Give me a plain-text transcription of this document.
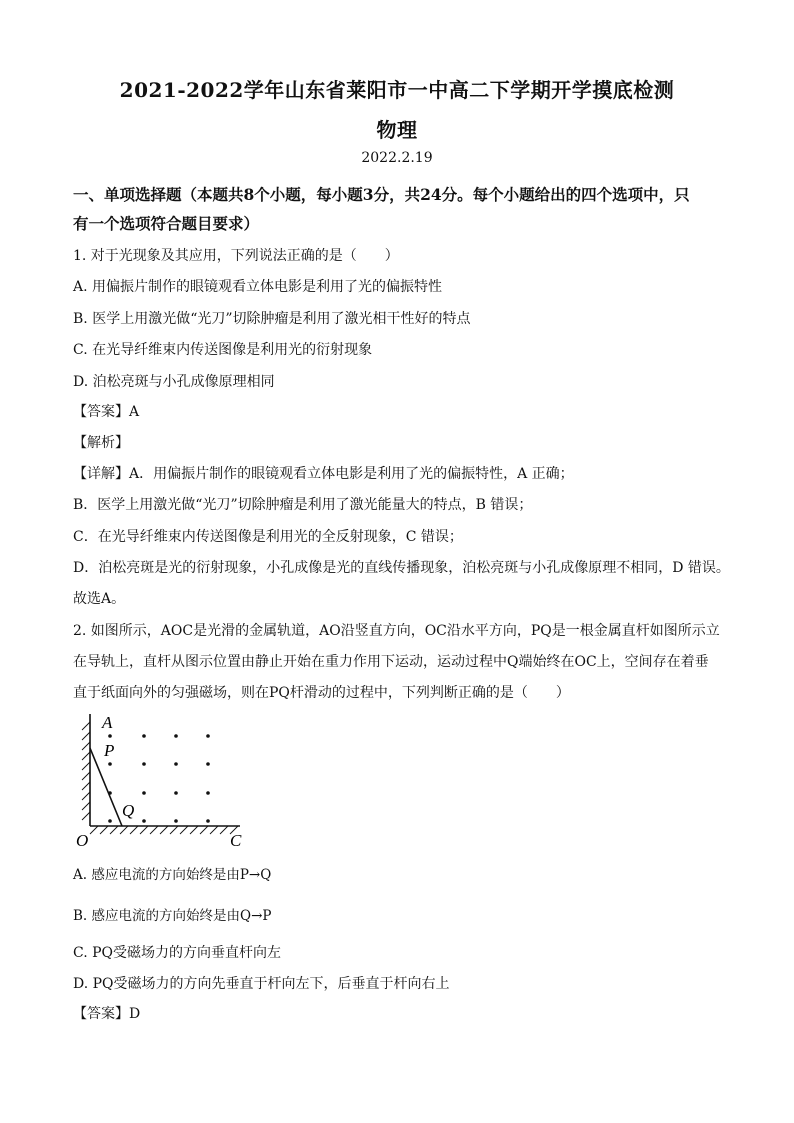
2021-2022学年山东省莱阳市一中高二下学期开学摸底检测
物理
2022.2.19
一、单项选择题（本题共8个小题，每小题3分，共24分。每个小题给出的四个选项中，只
有一个选项符合题目要求）
1. 对于光现象及其应用，下列说法正确的是（　　）
A. 用偏振片制作的眼镜观看立体电影是利用了光的偏振特性
B. 医学上用激光做“光刀”切除肿瘤是利用了激光相干性好的特点
C. 在光导纤维束内传送图像是利用光的衍射现象
D. 泊松亮斑与小孔成像原理相同
【答案】A
【解析】
【详解】A．用偏振片制作的眼镜观看立体电影是利用了光的偏振特性，A 正确；
B．医学上用激光做“光刀”切除肿瘤是利用了激光能量大的特点，B 错误；
C．在光导纤维束内传送图像是利用光的全反射现象，C 错误；
D．泊松亮斑是光的衍射现象，小孔成像是光的直线传播现象，泊松亮斑与小孔成像原理不相同，D 错误。
故选A。
2. 如图所示，AOC是光滑的金属轨道，AO沿竖直方向，OC沿水平方向，PQ是一根金属直杆如图所示立
在导轨上，直杆从图示位置由静止开始在重力作用下运动，运动过程中Q端始终在OC上，空间存在着垂
直于纸面向外的匀强磁场，则在PQ杆滑动的过程中，下列判断正确的是（　　）
A
P
Q
O	C
A. 感应电流的方向始终是由P→Q
B. 感应电流的方向始终是由Q→P
C. PQ受磁场力的方向垂直杆向左
D. PQ受磁场力的方向先垂直于杆向左下，后垂直于杆向右上
【答案】D
